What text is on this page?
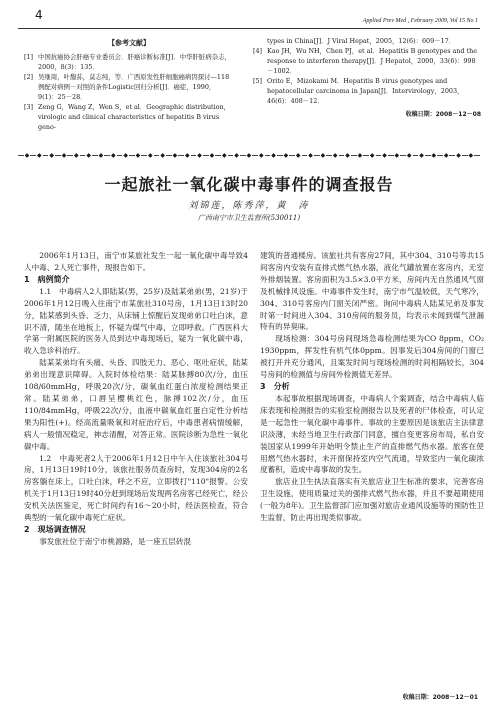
4	Applied Prev Med , February 2009, Vol 15 No 1
【参考文献】
[1] 中国抗癌协会肝癌专业委员会．肝癌诊断标准[J]．中华肝脏病杂志，2000，8(3)：135．
[2] 吴继周，叶馥荪，莫志纯，等．广西原发性肝细胞癌病因探讨—118例配对病例－对照的条件Logistic回归分析[J]．癌症，1990，9(1)：25－28．
[3] Zeng G，Wang Z，Wen S，et al．Geographic distribution，virologic and clinical characteristics of hepatitis B virus geno-
types in China[J]．J Viral Hepat，2005，12(6)：609－17．
[4] Kao JH，Wu NH，Chen PJ，et al．Hepatitis B genotypes and the response to interferon therapy[J]．J Hepatol，2000，33(6)：998－1002．
[5] Orito E，Mizokami M．Hepatitis B virus genotypes and hepatocellular carcinoma in Japan[J]．Intervirology，2003，46(6)：408－12．
收稿日期：2008－12－08
◆ ◆ ◆ ◆ ◆ ◆ ◆ ◆ ◆ ◆ ◆ ◆ ◆ ◆ ◆ ◆ ◆ ◆ ◆ ◆ ◆ ◆ ◆ ◆ ◆ ◆ ◆ ◆ ◆ ◆ ◆ ◆ ◆ ◆ ◆ ◆ ◆
一起旅社一氧化碳中毒事件的调查报告
刘锦莲，陈秀萍，黄　涛
广西南宁市卫生监督所(530011)

2006年1月13日，南宁市某旅社发生一起一氧化碳中毒导致4人中毒、2人死亡事件，现报告如下。

1　病例简介

1.1　中毒病人2人即陆某(男，25岁)及陆某弟弟(男，21岁)于2006年1月12日晚入住南宁市某旅社310号房，1月13日13时20分，陆某感到头昏、乏力，从床铺上惊醒后发现弟弟口吐白沫，意识不清，随坐在地板上，怀疑为煤气中毒，立即呼救。广西医科大学第一附属医院的医务人员到达中毒现场后，疑为一氧化碳中毒，收入急诊科治疗。

陆某某弟均有头痛、头昏、四肢无力、恶心、呕吐症状，陆某弟弟出现意识障碍。入院时体检结果：陆某脉搏80次/分，血压108/60mmHg，呼吸20次/分，碳氧血红蛋白浓度检测结果正常。陆某弟弟，口唇呈樱桃红色，脉搏102次/分，血压110/84mmHg，呼吸22次/分，血液中碳氧血红蛋白定性分析结果为阳性(+)。经高流量吸氧和对症治疗后，中毒患者病情缓解，病人一般情况稳定，神志清醒，对答正常。医院诊断为急性一氧化碳中毒。

1.2　中毒死者2人于2006年1月12日中午入住该旅社304号房，1月13日19时10分，该旅社服务员查房时，发现304房的2名房客躺在床上，口吐白沫，呼之不应，立即拨打"110"报警。公安机关于1月13日19时40分赶到现场后发现两名房客已经死亡，经公安机关法医鉴定，死亡时间约有16～20小时，经法医检查，符合典型的一氧化碳中毒死亡症状。

2　现场调查情况

事发旅社位于南宁市桃源路，是一座五层砖混

建筑的普通楼房。该旅社共有客房27间，其中304、310号等共15间客房内安装有直排式燃气热水器，液化气罐放置在客房内，无室外排烟装置。客房面积为3.5×3.0平方米，房间内无自然通风气窗及机械排风设施。中毒事件发生时，南宁市气温较低，天气寒冷，304、310号客房内门窗关闭严密。询问中毒病人陆某兄弟及事发时第一时间进入304、310房间的服务员，均表示未闻到煤气泄漏特有的异臭味。

现场检测：304号房间现场急毒检测结果为CO 8ppm，CO₂ 1930ppm，挥发性有机气体0ppm。因事发后304房间的门窗已被打开并充分通风，且案发时间与现场检测的时间相隔较长，304号房间的检测值与房间外检测值无差异。

3　分析

本起事故根据现场调查，中毒病人个案调查，结合中毒病人临床表现和检测报告的实验室检测报告以及死者的尸体检查，可认定是一起急性一氧化碳中毒事件。事故的主要原因是该旅店主法律意识淡薄，未经当地卫生行政部门同意，擅自变更客房布局，私自安装国家从1999年开始明令禁止生产的直排燃气热水器。旅客在使用燃气热水器时，未开窗保持室内空气流通，导致室内一氧化碳浓度蓄积，造成中毒事故的发生。

旅店业卫生执法直落实有关旅店业卫生标准的要求，完善客房卫生设施，使用质量过关的强排式燃气热水器，并且不要超期使用(一般为8年)。卫生监督部门应加强对旅店业通风设施等的预防性卫生监督，防止再出现类似事故。

收稿日期：2008－12－01
